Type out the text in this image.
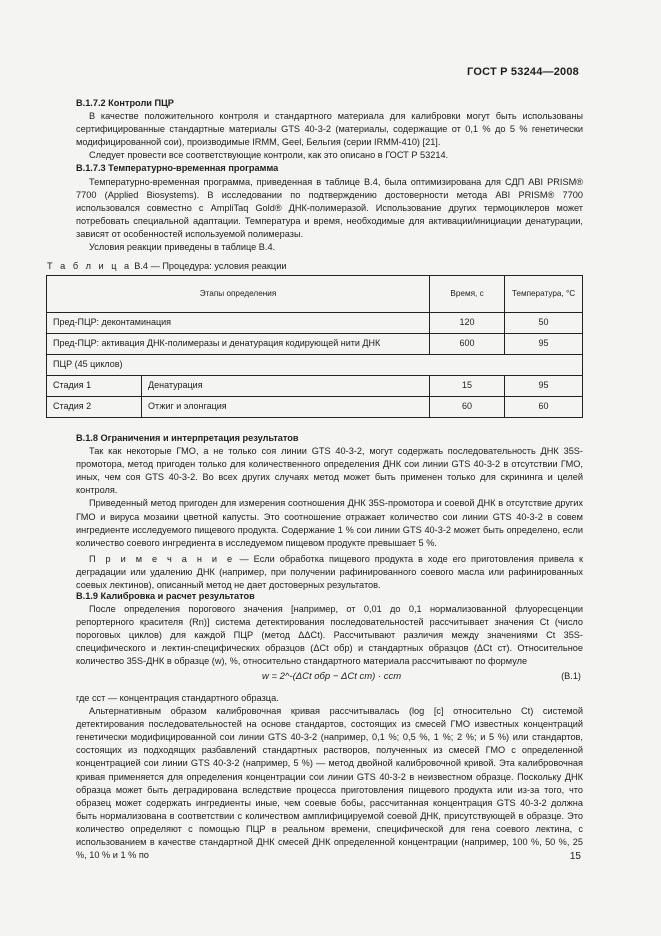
ГОСТ Р 53244—2008

В.1.7.2 Контроли ПЦР

В качестве положительного контроля и стандартного материала для калибровки могут быть использованы сертифицированные стандартные материалы GTS 40-3-2 (материалы, содержащие от 0,1 % до 5 % генетически модифицированной сои), производимые IRMM, Geel, Бельгия (серии IRMM-410) [21].

Следует провести все соответствующие контроли, как это описано в ГОСТ Р 53214.

В.1.7.3 Температурно-временная программа

Температурно-временная программа, приведенная в таблице В.4, была оптимизирована для СДП ABI PRISM® 7700 (Applied Biosystems). В исследовании по подтверждению достоверности метода ABI PRISM® 7700 использовался совместно с AmpliTaq Gold® ДНК-полимеразой. Использование других термоциклеров может потребовать специальной адаптации. Температура и время, необходимые для активации/инициации денатурации, зависят от особенностей используемой полимеразы.

Условия реакции приведены в таблице В.4.

Т а б л и ц а В.4 — Процедура: условия реакции
Этапы определения		Время, с	Температура, °С
Пред-ПЦР: деконтаминация		120	50
Пред-ПЦР: активация ДНК-полимеразы и денатурация кодирующей нити ДНК		600	95
ПЦР (45 циклов)			
Стадия 1	Денатурация	15	95
Стадия 2	Отжиг и элонгация	60	60

В.1.8 Ограничения и интерпретация результатов

Так как некоторые ГМО, а не только соя линии GTS 40-3-2, могут содержать последовательность ДНК 35S-промотора, метод пригоден только для количественного определения ДНК сои линии GTS 40-3-2 в отсутствии ГМО, иных, чем соя GTS 40-3-2. Во всех других случаях метод может быть применен только для скрининга и целей контроля.

Приведенный метод пригоден для измерения соотношения ДНК 35S-промотора и соевой ДНК в отсутствие других ГМО и вируса мозаики цветной капусты. Это соотношение отражает количество сои линии GTS 40-3-2 в совем ингредиенте исследуемого пищевого продукта. Содержание 1 % сои линии GTS 40-3-2 может быть определено, если количество соевого ингредиента в исследуемом пищевом продукте превышает 5 %.

П р и м е ч а н и е — Если обработка пищевого продукта в ходе его приготовления привела к деградации или удалению ДНК (например, при получении рафинированного соевого масла или рафинированных соевых лектинов), описанный метод не дает достоверных результатов.

В.1.9 Калибровка и расчет результатов

После определения порогового значения [например, от 0,01 до 0,1 нормализованной флуоресценции репортерного красителя (Rn)] система детектирования последовательностей рассчитывает значения Ct (число пороговых циклов) для каждой ПЦР (метод ΔΔCt). Рассчитывают различия между значениями Ct 35S-специфического и лектин-специфических образцов (ΔCt обр) и стандартных образцов (ΔCt ст). Относительное количество 35S-ДНК в образце (w), %, относительно стандартного материала рассчитывают по формуле

w = 2^-(ΔCt обр − ΔCt ст) · cст	(В.1)

где cст — концентрация стандартного образца.

Альтернативным образом калибровочная кривая рассчитывалась (log [c] относительно Ct) системой детектирования последовательностей на основе стандартов, состоящих из смесей ГМО известных концентраций генетически модифицированной сои линии GTS 40-3-2 (например, 0,1 %; 0,5 %, 1 %; 2 %; и 5 %) или стандартов, состоящих из подходящих разбавлений стандартных растворов, полученных из смесей ГМО с определенной концентрацией сои линии GTS 40-3-2 (например, 5 %) — метод двойной калибровочной кривой. Эта калибровочная кривая применяется для определения концентрации сои линии GTS 40-3-2 в неизвестном образце. Поскольку ДНК образца может быть деградирована вследствие процесса приготовления пищевого продукта или из-за того, что образец может содержать ингредиенты иные, чем соевые бобы, рассчитанная концентрация GTS 40-3-2 должна быть нормализована в соответствии с количеством амплифицируемой соевой ДНК, присутствующей в образце. Это количество определяют с помощью ПЦР в реальном времени, специфической для гена соевого лектина, с использованием в качестве стандартной ДНК смесей ДНК определенной концентрации (например, 100 %, 50 %, 25 %, 10 % и 1 % по	15
